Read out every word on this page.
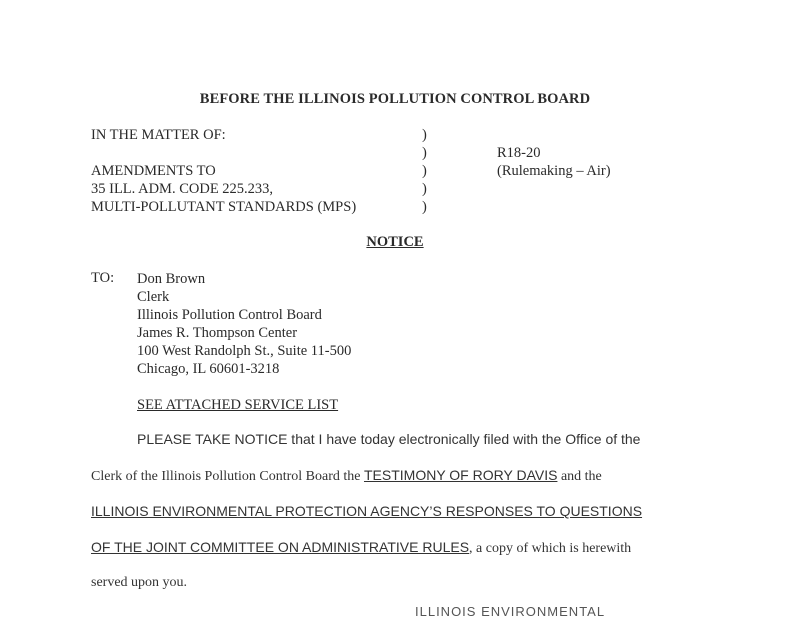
BEFORE THE ILLINOIS POLLUTION CONTROL BOARD
IN THE MATTER OF:
AMENDMENTS TO
35 ILL. ADM. CODE 225.233,
MULTI-POLLUTANT STANDARDS (MPS)
)
)
)
)
)
R18-20
(Rulemaking – Air)
NOTICE
TO: Don Brown
Clerk
Illinois Pollution Control Board
James R. Thompson Center
100 West Randolph St., Suite 11-500
Chicago, IL 60601-3218
SEE ATTACHED SERVICE LIST
PLEASE TAKE NOTICE that I have today electronically filed with the Office of the
Clerk of the Illinois Pollution Control Board the TESTIMONY OF RORY DAVIS and the
ILLINOIS ENVIRONMENTAL PROTECTION AGENCY’S RESPONSES TO QUESTIONS
OF THE JOINT COMMITTEE ON ADMINISTRATIVE RULES, a copy of which is herewith
served upon you.
ILLINOIS ENVIRONMENTAL
